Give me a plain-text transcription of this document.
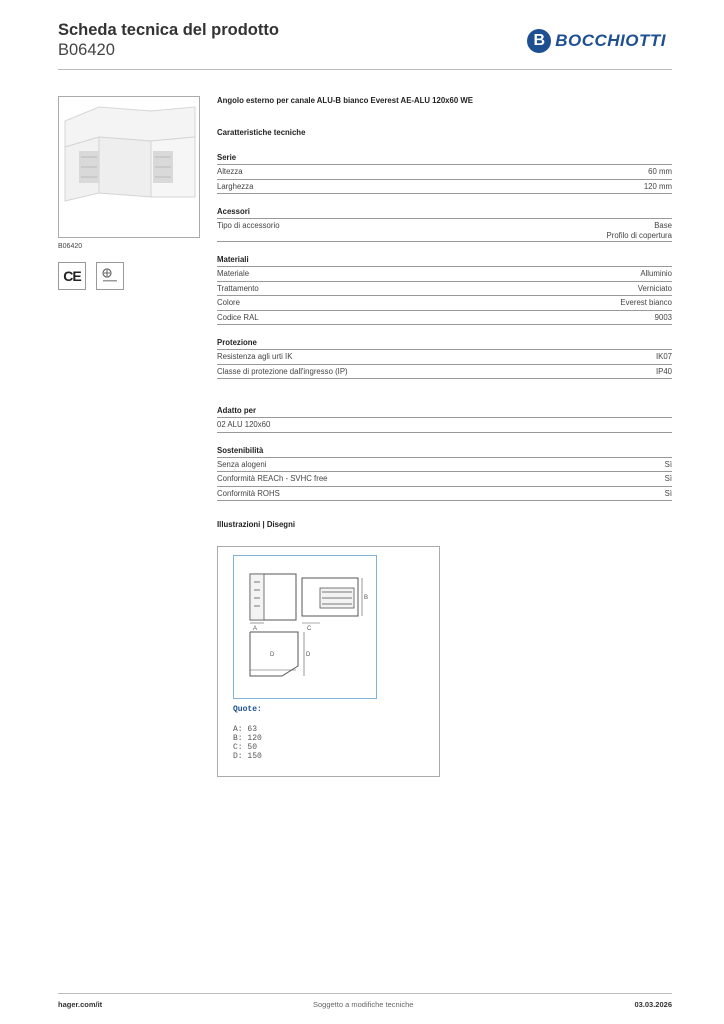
Scheda tecnica del prodotto
B06420
B BOCCHIOTTI
B06420
CE
Angolo esterno per canale ALU-B bianco Everest AE-ALU 120x60 WE
Caratteristiche tecniche
Serie
Altezza	60 mm
Larghezza	120 mm
Acessori
Tipo di accessorio	Base
Profilo di copertura
Materiali
Materiale	Alluminio
Trattamento	Verniciato
Colore	Everest bianco
Codice RAL	9003
Protezione
Resistenza agli urti IK	IK07
Classe di protezione dall'ingresso (IP)	IP40
Adatto per
02 ALU 120x60
Sostenibilità
Senza alogeni	Sì
Conformità REACh - SVHC free	Sì
Conformità ROHS	Sì
Illustrazioni | Disegni
A
B
C
D	D
Quote:
A: 63
B: 120
C: 50
D: 150
hager.com/it	Soggetto a modifiche tecniche	03.03.2026
